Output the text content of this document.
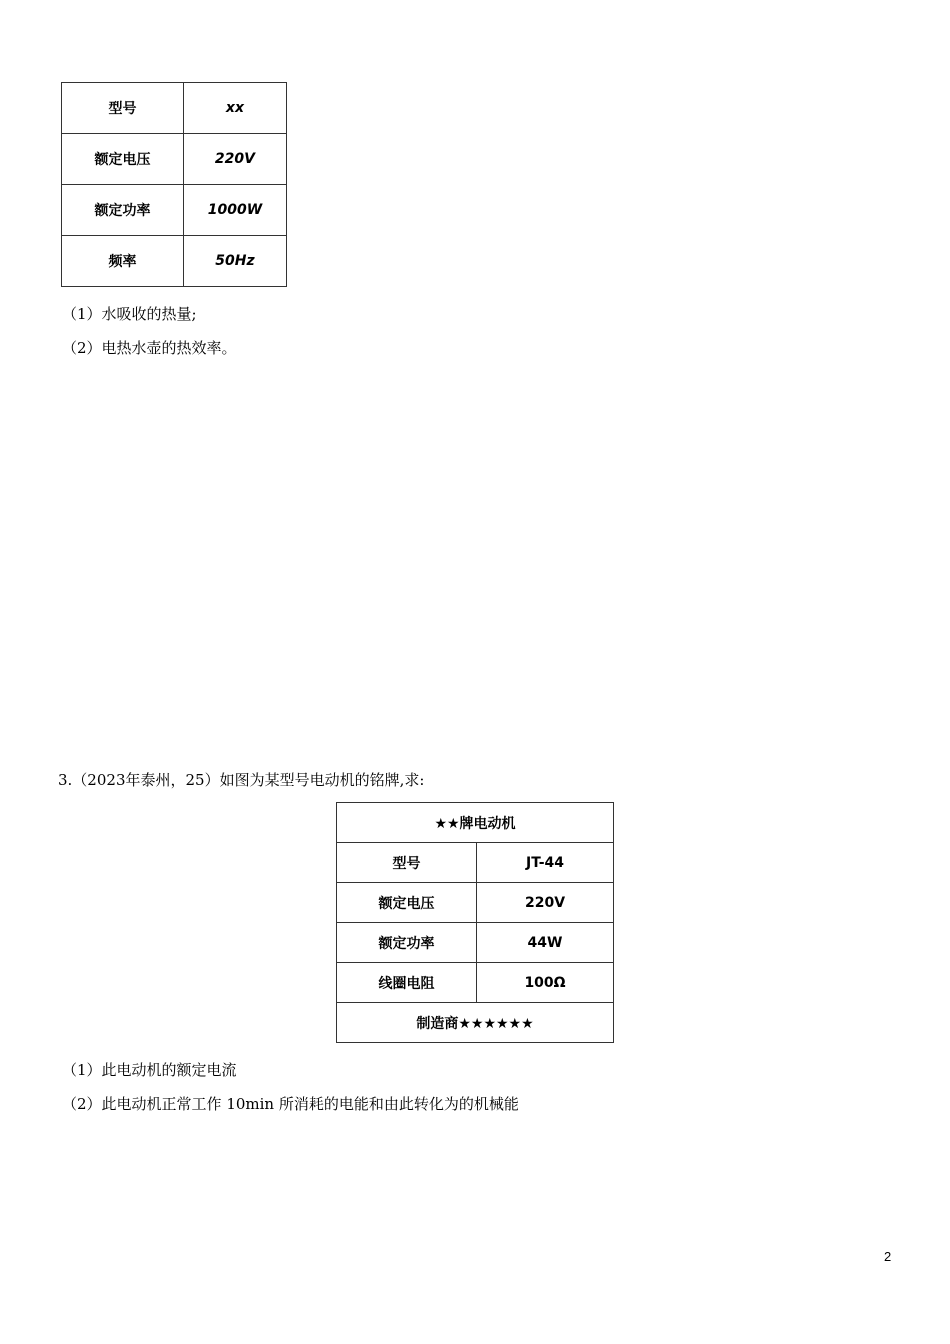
型号	xx
额定电压	220V
额定功率	1000W
频率	50Hz
（1）水吸收的热量;
（2）电热水壶的热效率。
3.（2023年泰州，25）如图为某型号电动机的铭牌,求:
★★牌电动机	
型号	JT-44
额定电压	220V
额定功率	44W
线圈电阻	100Ω
制造商★★★★★★	
（1）此电动机的额定电流
（2）此电动机正常工作 10min 所消耗的电能和由此转化为的机械能
2
